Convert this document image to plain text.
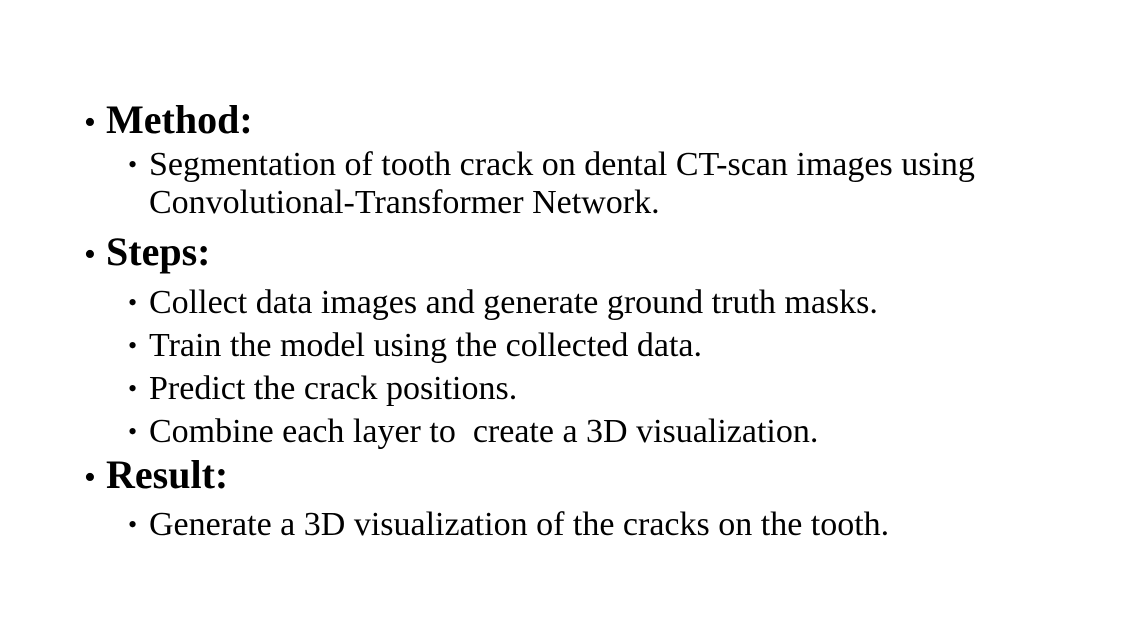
• Method:
• Segmentation of tooth crack on dental CT-scan images using Convolutional-Transformer Network.
• Steps:
• Collect data images and generate ground truth masks.
• Train the model using the collected data.
• Predict the crack positions.
• Combine each layer to  create a 3D visualization.
• Result:
• Generate a 3D visualization of the cracks on the tooth.
